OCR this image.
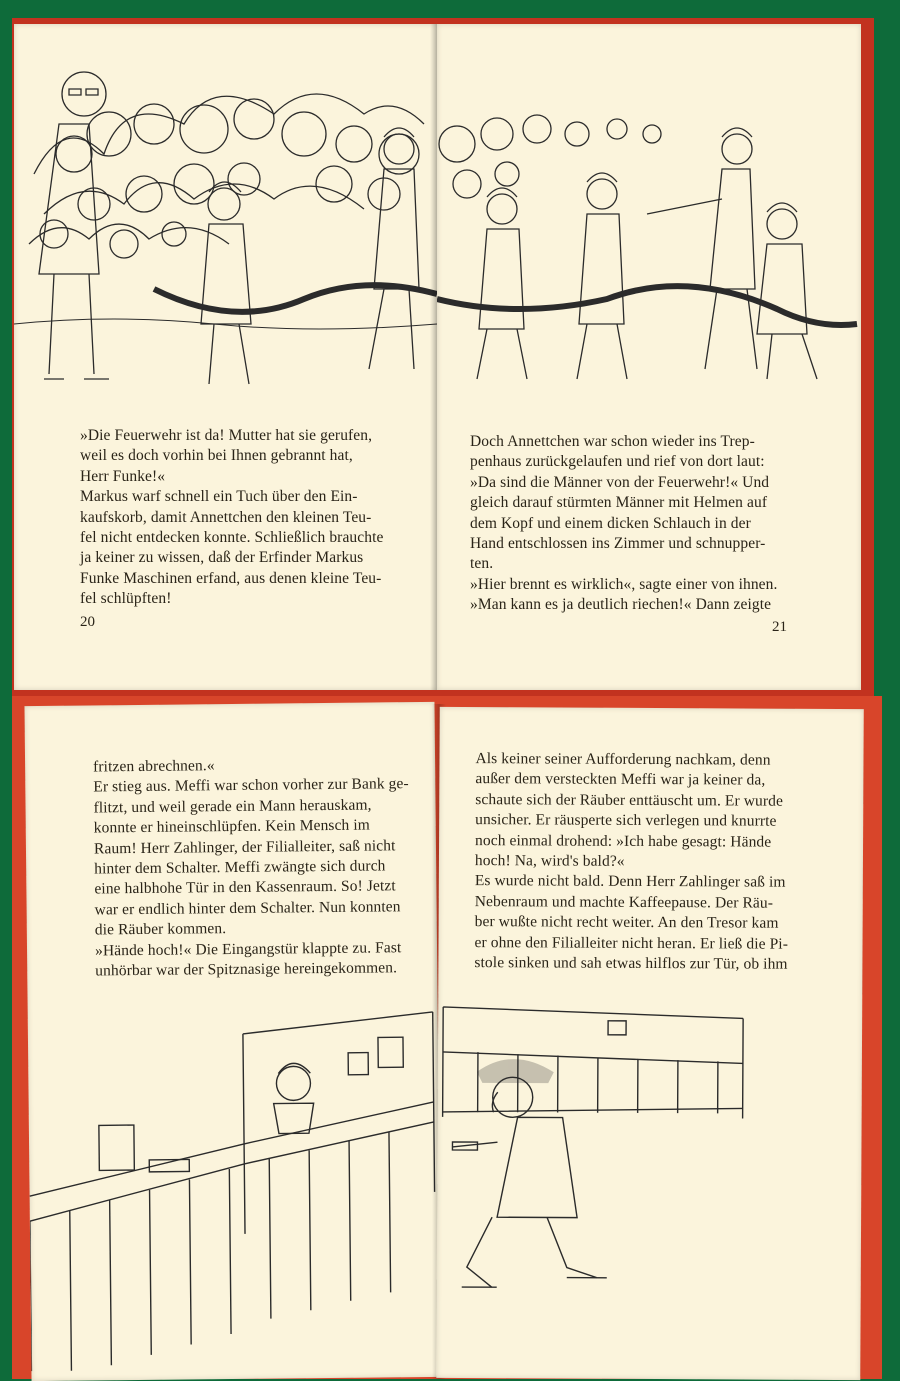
»Die Feuerwehr ist da! Mutter hat sie gerufen,
weil es doch vorhin bei Ihnen gebrannt hat,
Herr Funke!«
Markus warf schnell ein Tuch über den Ein-
kaufskorb, damit Annettchen den kleinen Teu-
fel nicht entdecken konnte. Schließlich brauchte
ja keiner zu wissen, daß der Erfinder Markus
Funke Maschinen erfand, aus denen kleine Teu-
fel schlüpften!
20
Doch Annettchen war schon wieder ins Trep-
penhaus zurückgelaufen und rief von dort laut:
»Da sind die Männer von der Feuerwehr!« Und
gleich darauf stürmten Männer mit Helmen auf
dem Kopf und einem dicken Schlauch in der
Hand entschlossen ins Zimmer und schnupper-
ten.
»Hier brennt es wirklich«, sagte einer von ihnen.
»Man kann es ja deutlich riechen!« Dann zeigte
21
fritzen abrechnen.«
Er stieg aus. Meffi war schon vorher zur Bank ge-
flitzt, und weil gerade ein Mann herauskam,
konnte er hineinschlüpfen. Kein Mensch im
Raum! Herr Zahlinger, der Filialleiter, saß nicht
hinter dem Schalter. Meffi zwängte sich durch
eine halbhohe Tür in den Kassenraum. So! Jetzt
war er endlich hinter dem Schalter. Nun konnten
die Räuber kommen.
»Hände hoch!« Die Eingangstür klappte zu. Fast
unhörbar war der Spitznasige hereingekommen.
Als keiner seiner Aufforderung nachkam, denn
außer dem versteckten Meffi war ja keiner da,
schaute sich der Räuber enttäuscht um. Er wurde
unsicher. Er räusperte sich verlegen und knurrte
noch einmal drohend: »Ich habe gesagt: Hände
hoch! Na, wird's bald?«
Es wurde nicht bald. Denn Herr Zahlinger saß im
Nebenraum und machte Kaffeepause. Der Räu-
ber wußte nicht recht weiter. An den Tresor kam
er ohne den Filialleiter nicht heran. Er ließ die Pi-
stole sinken und sah etwas hilflos zur Tür, ob ihm
